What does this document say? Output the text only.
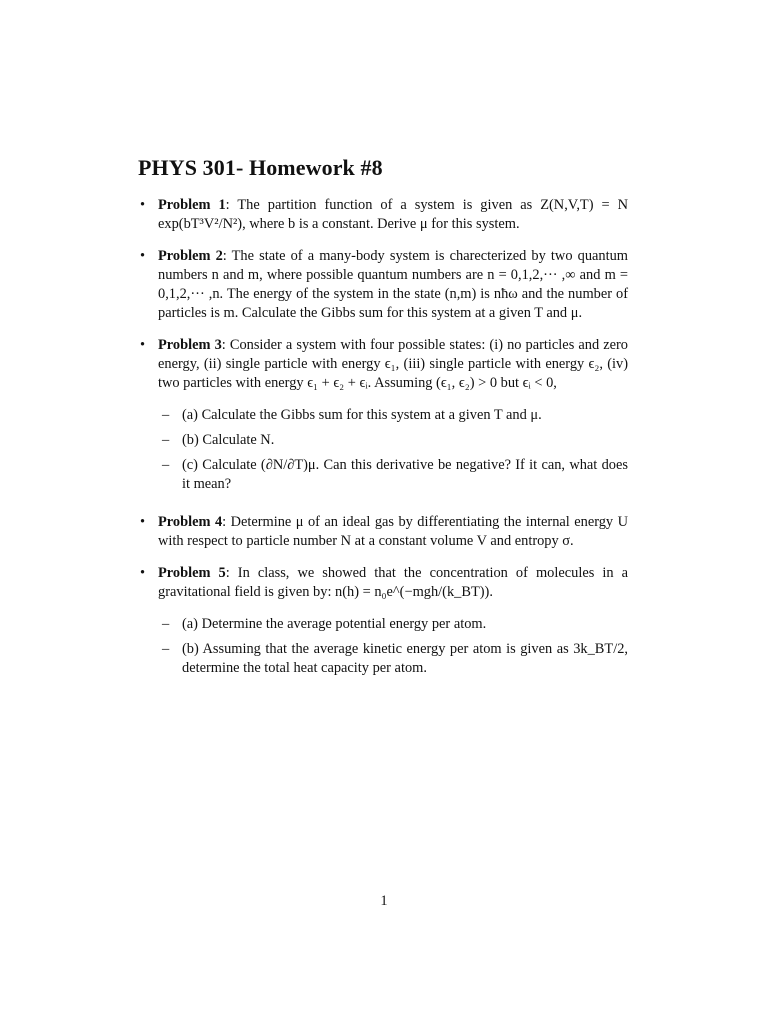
PHYS 301- Homework #8
• Problem 1: The partition function of a system is given as Z(N,V,T) = N exp(bT³V²/N²), where b is a constant. Derive μ for this system.
• Problem 2: The state of a many-body system is charecterized by two quantum numbers n and m, where possible quantum numbers are n = 0,1,2,··· ,∞ and m = 0,1,2,··· ,n. The energy of the system in the state (n,m) is nħω and the number of particles is m. Calculate the Gibbs sum for this system at a given T and μ.
• Problem 3: Consider a system with four possible states: (i) no particles and zero energy, (ii) single particle with energy ϵ₁, (iii) single particle with energy ϵ₂, (iv) two particles with energy ϵ₁ + ϵ₂ + ϵᵢ. Assuming (ϵ₁, ϵ₂) > 0 but ϵᵢ < 0,
– (a) Calculate the Gibbs sum for this system at a given T and μ.
– (b) Calculate N.
– (c) Calculate (∂N/∂T)μ. Can this derivative be negative? If it can, what does it mean?
• Problem 4: Determine μ of an ideal gas by differentiating the internal energy U with respect to particle number N at a constant volume V and entropy σ.
• Problem 5: In class, we showed that the concentration of molecules in a gravitational field is given by: n(h) = n₀e^(−mgh/(k_BT)).
– (a) Determine the average potential energy per atom.
– (b) Assuming that the average kinetic energy per atom is given as 3k_BT/2, determine the total heat capacity per atom.
1
